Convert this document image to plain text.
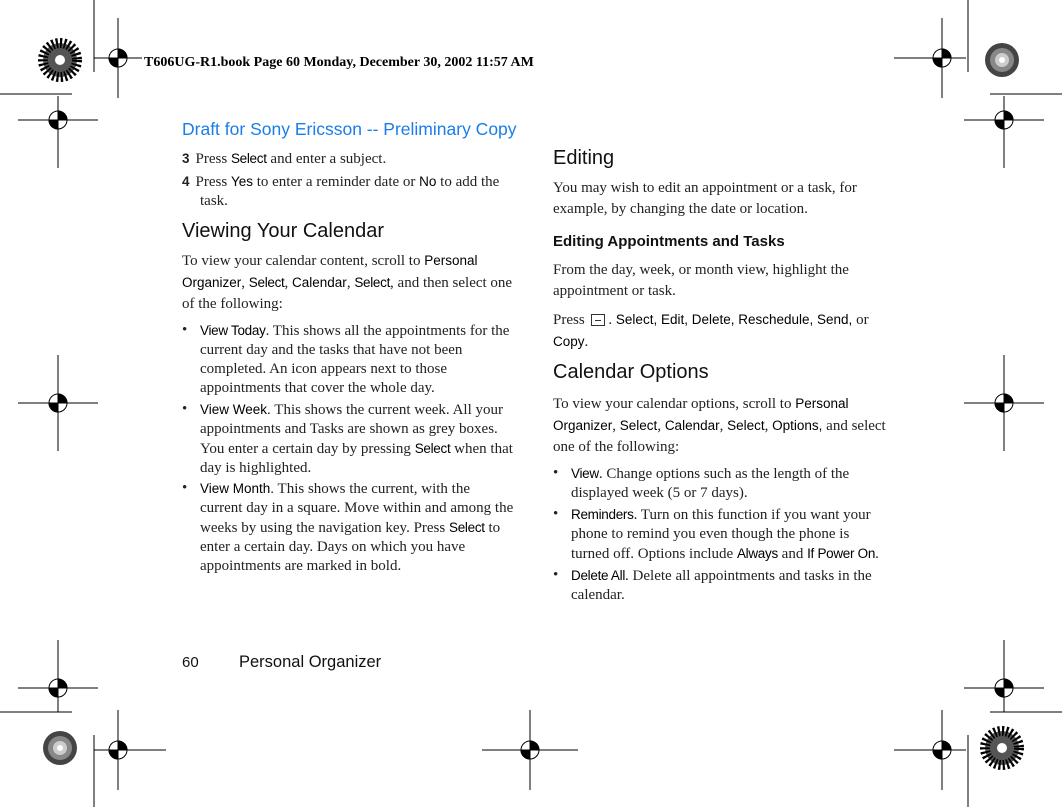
T606UG-R1.book Page 60 Monday, December 30, 2002 11:57 AM
Draft for Sony Ericsson -- Preliminary Copy
3 Press Select and enter a subject.
4 Press Yes to enter a reminder date or No to add the
task.
Viewing Your Calendar
To view your calendar content, scroll to Personal
Organizer, Select, Calendar, Select, and then select one
of the following:
• View Today. This shows all the appointments for the
current day and the tasks that have not been
completed. An icon appears next to those
appointments that cover the whole day.
• View Week. This shows the current week. All your
appointments and Tasks are shown as grey boxes.
You enter a certain day by pressing Select when that
day is highlighted.
• View Month. This shows the current, with the
current day in a square. Move within and among the
weeks by using the navigation key. Press Select to
enter a certain day. Days on which you have
appointments are marked in bold.
Editing
You may wish to edit an appointment or a task, for
example, by changing the date or location.
Editing Appointments and Tasks
From the day, week, or month view, highlight the
appointment or task.
Press . Select, Edit, Delete, Reschedule, Send, or
Copy.
Calendar Options
To view your calendar options, scroll to Personal
Organizer, Select, Calendar, Select, Options, and select
one of the following:
• View. Change options such as the length of the
displayed week (5 or 7 days).
• Reminders. Turn on this function if you want your
phone to remind you even though the phone is
turned off. Options include Always and If Power On.
• Delete All. Delete all appointments and tasks in the
calendar.
60 Personal Organizer
